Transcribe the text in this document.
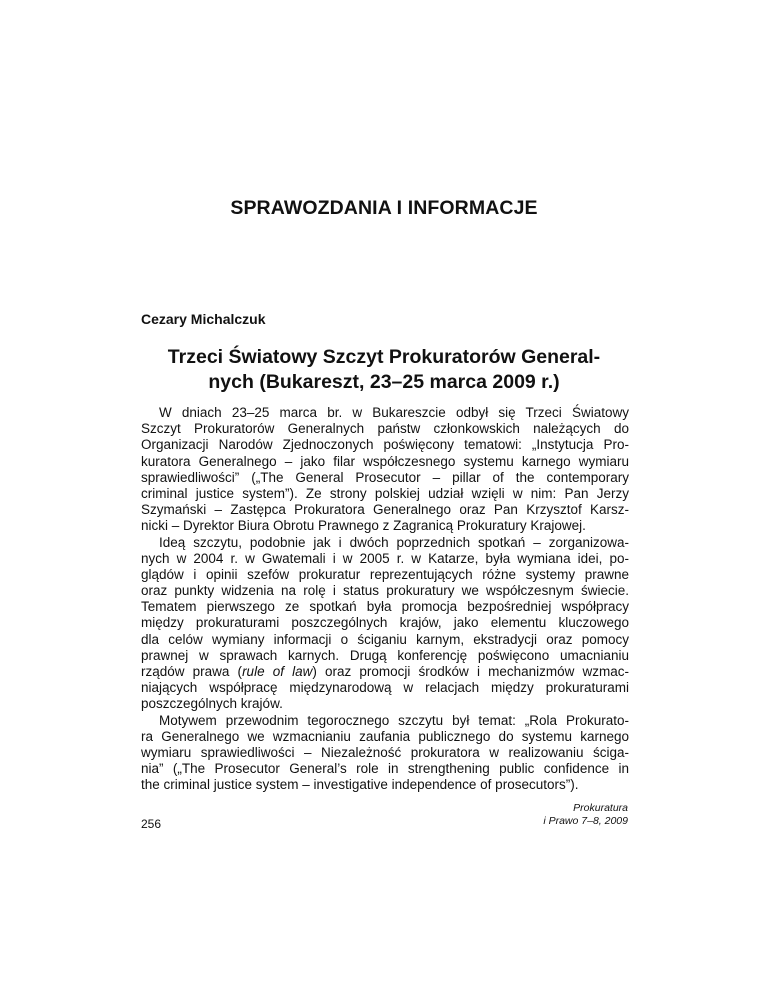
SPRAWOZDANIA I INFORMACJE

Cezary Michalczuk

Trzeci Światowy Szczyt Prokuratorów General-
nych (Bukareszt, 23–25 marca 2009 r.)
W dniach 23–25 marca br. w Bukareszcie odbył się Trzeci Światowy
Szczyt Prokuratorów Generalnych państw członkowskich należących do
Organizacji Narodów Zjednoczonych poświęcony tematowi: „Instytucja Pro-
kuratora Generalnego – jako filar współczesnego systemu karnego wymiaru
sprawiedliwości” („The General Prosecutor – pillar of the contemporary
criminal justice system”). Ze strony polskiej udział wzięli w nim: Pan Jerzy
Szymański – Zastępca Prokuratora Generalnego oraz Pan Krzysztof Karsz-
nicki – Dyrektor Biura Obrotu Prawnego z Zagranicą Prokuratury Krajowej.
Ideą szczytu, podobnie jak i dwóch poprzednich spotkań – zorganizowa-
nych w 2004 r. w Gwatemali i w 2005 r. w Katarze, była wymiana idei, po-
glądów i opinii szefów prokuratur reprezentujących różne systemy prawne
oraz punkty widzenia na rolę i status prokuratury we współczesnym świecie.
Tematem pierwszego ze spotkań była promocja bezpośredniej współpracy
między prokuraturami poszczególnych krajów, jako elementu kluczowego
dla celów wymiany informacji o ściganiu karnym, ekstradycji oraz pomocy
prawnej w sprawach karnych. Drugą konferencję poświęcono umacnianiu
rządów prawa (rule of law) oraz promocji środków i mechanizmów wzmac-
niających współpracę międzynarodową w relacjach między prokuraturami
poszczególnych krajów.
Motywem przewodnim tegorocznego szczytu był temat: „Rola Prokurato-
ra Generalnego we wzmacnianiu zaufania publicznego do systemu karnego
wymiaru sprawiedliwości – Niezależność prokuratora w realizowaniu ściga-
nia” („The Prosecutor General’s role in strengthening public confidence in
the criminal justice system – investigative independence of prosecutors”).

256

Prokuratura
i Prawo 7–8, 2009
